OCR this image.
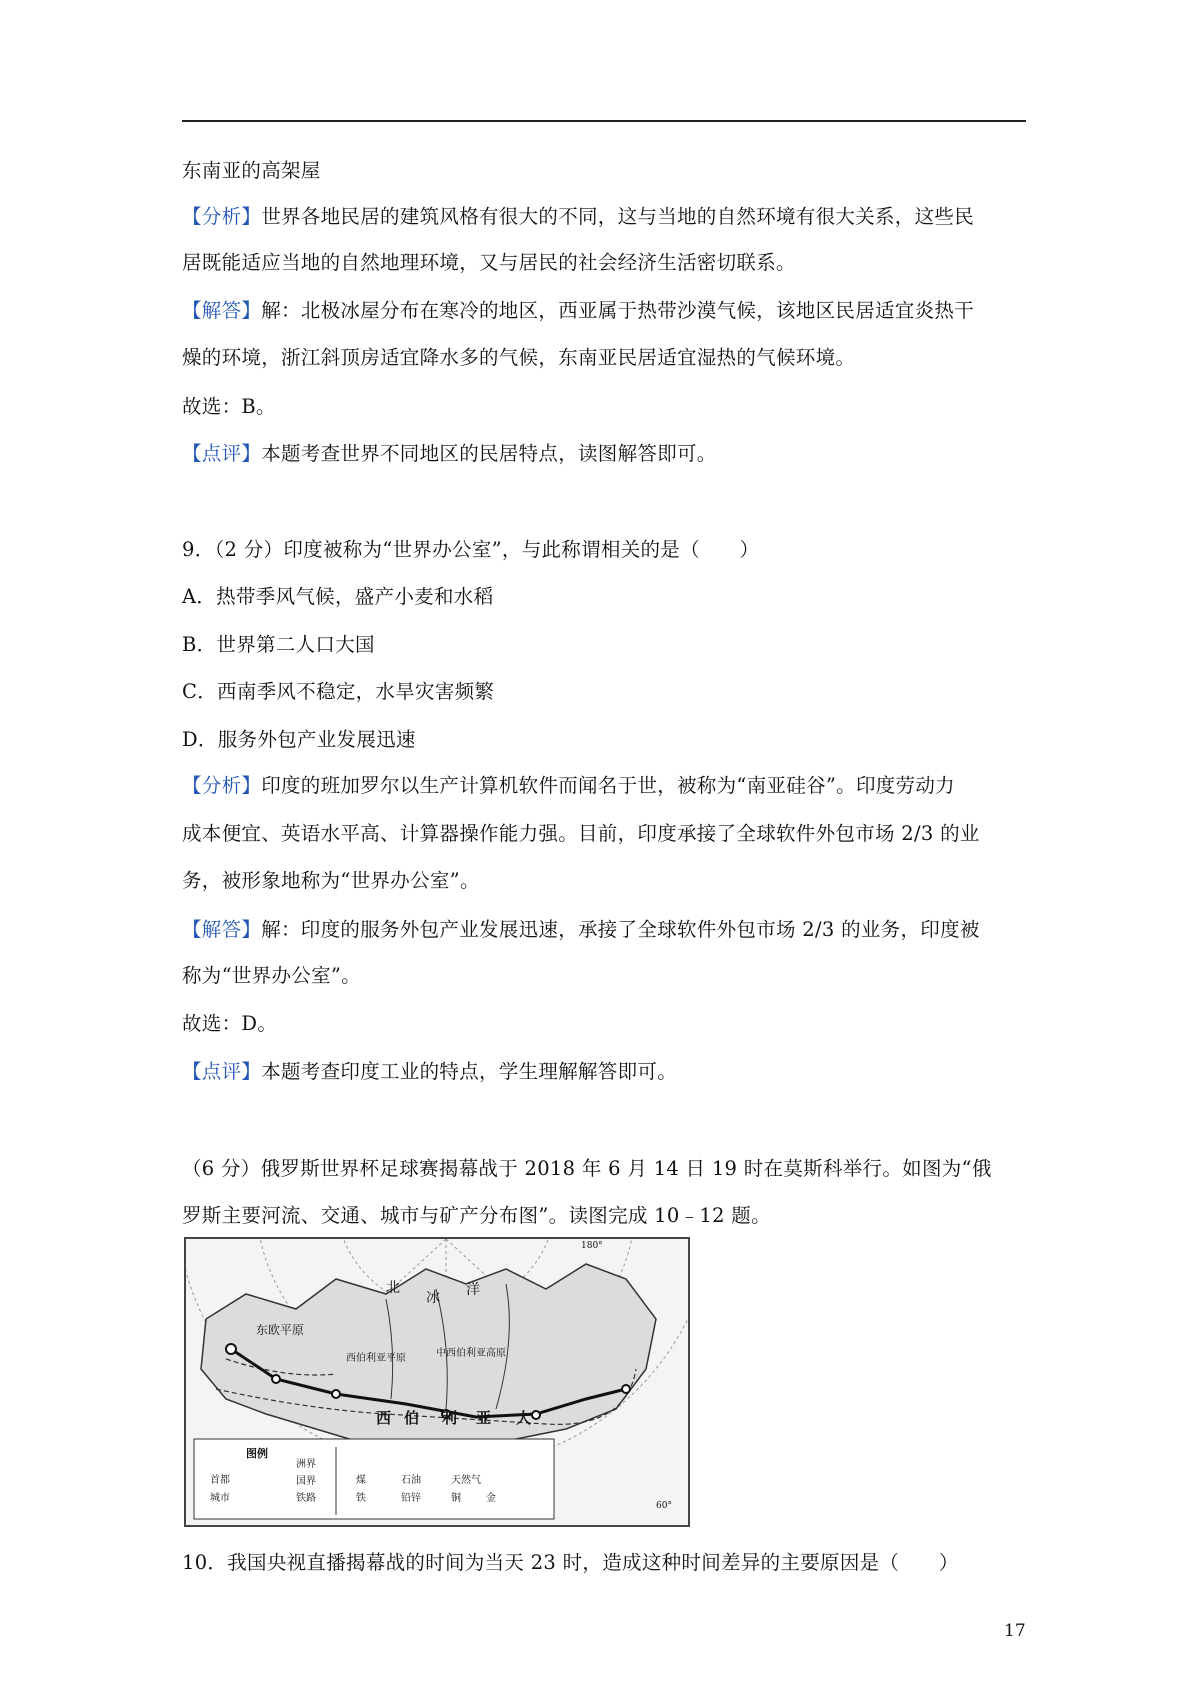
东南亚的高架屋
【分析】世界各地民居的建筑风格有很大的不同，这与当地的自然环境有很大关系，这些民
居既能适应当地的自然地理环境，又与居民的社会经济生活密切联系。
【解答】解：北极冰屋分布在寒冷的地区，西亚属于热带沙漠气候，该地区民居适宜炎热干
燥的环境，浙江斜顶房适宜降水多的气候，东南亚民居适宜湿热的气候环境。
故选：B。
【点评】本题考查世界不同地区的民居特点，读图解答即可。
9．（2 分）印度被称为“世界办公室”，与此称谓相关的是（　　）
A．热带季风气候，盛产小麦和水稻
B．世界第二人口大国
C．西南季风不稳定，水旱灾害频繁
D．服务外包产业发展迅速
【分析】印度的班加罗尔以生产计算机软件而闻名于世，被称为“南亚硅谷”。印度劳动力
成本便宜、英语水平高、计算器操作能力强。目前，印度承接了全球软件外包市场 2/3 的业
务，被形象地称为“世界办公室”。
【解答】解：印度的服务外包产业发展迅速，承接了全球软件外包市场 2/3 的业务，印度被
称为“世界办公室”。
故选：D。
【点评】本题考查印度工业的特点，学生理解解答即可。
（6 分）俄罗斯世界杯足球赛揭幕战于 2018 年 6 月 14 日 19 时在莫斯科举行。如图为“俄
罗斯主要河流、交通、城市与矿产分布图”。读图完成 10﹣12 题。
北
冰 洋
东欧平原
西伯利亚平原	中西伯利亚高原
西 伯 利 亚 大
图例
首都
城市
洲界
国界
铁路
煤	石油	天然气
铁	铅锌	铜	金
180°
60°
10．我国央视直播揭幕战的时间为当天 23 时，造成这种时间差异的主要原因是（　　）
17
